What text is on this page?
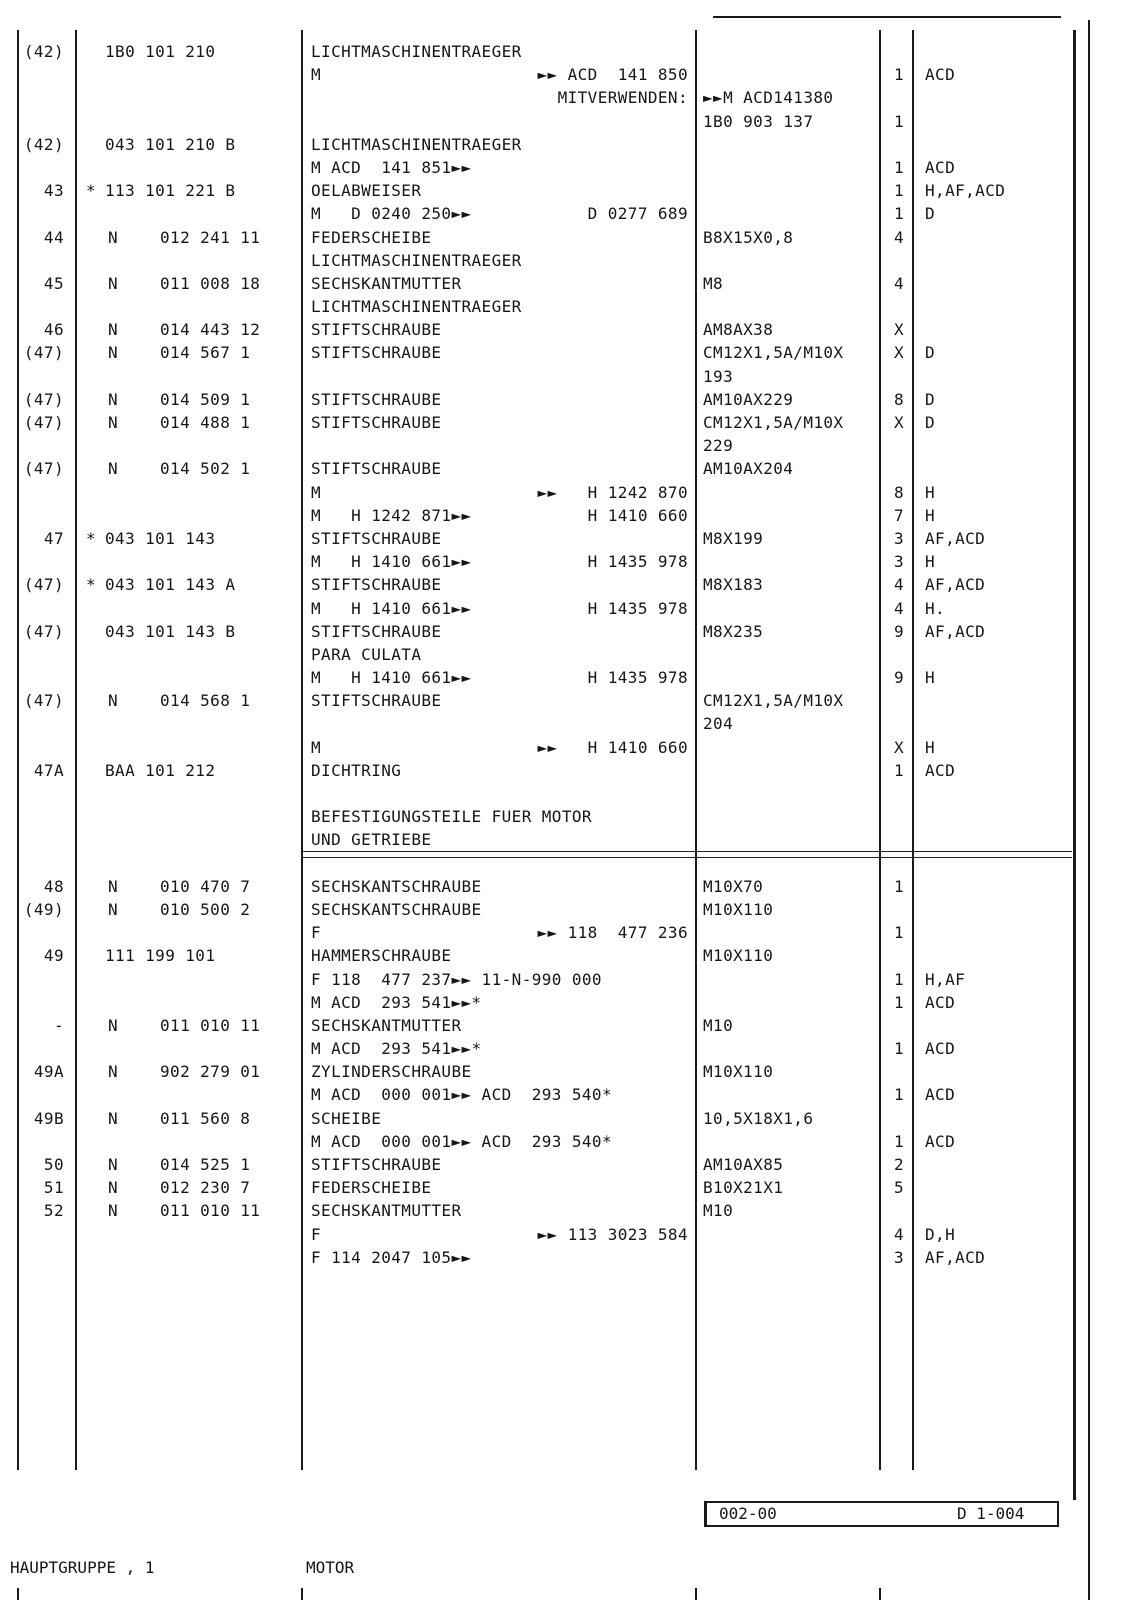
(42)	1B0 101 210	LICHTMASCHINENTRAEGER
M	►► ACD  141 850	1 ACD
MITVERWENDEN: ►►M ACD141380
1B0 903 137	1
(42)	043 101 210 B	LICHTMASCHINENTRAEGER
M ACD  141 851►►	1 ACD
43 * 113 101 221 B	OELABWEISER	1 H,AF,ACD
M   D 0240 250►►	D 0277 689	1 D
44	N	012 241 11	FEDERSCHEIBE	B8X15X0,8	4
LICHTMASCHINENTRAEGER
45	N	011 008 18	SECHSKANTMUTTER	M8	4
LICHTMASCHINENTRAEGER
46	N	014 443 12	STIFTSCHRAUBE	AM8AX38	X
(47)	N	014 567 1	STIFTSCHRAUBE	CM12X1,5A/M10X	X D
193
(47)	N	014 509 1	STIFTSCHRAUBE	AM10AX229	8 D
(47)	N	014 488 1	STIFTSCHRAUBE	CM12X1,5A/M10X	X D
229
(47)	N	014 502 1	STIFTSCHRAUBE	AM10AX204
M	►►   H 1242 870	8 H
M   H 1242 871►►	H 1410 660	7 H
47 * 043 101 143	STIFTSCHRAUBE	M8X199	3 AF,ACD
M   H 1410 661►►	H 1435 978	3 H
(47) * 043 101 143 A	STIFTSCHRAUBE	M8X183	4 AF,ACD
M   H 1410 661►►	H 1435 978	4 H.
(47)	043 101 143 B	STIFTSCHRAUBE	M8X235	9 AF,ACD
PARA CULATA
M   H 1410 661►►	H 1435 978	9 H
(47)	N	014 568 1	STIFTSCHRAUBE	CM12X1,5A/M10X
204
M	►►   H 1410 660	X H
47A	BAA 101 212	DICHTRING	1 ACD
BEFESTIGUNGSTEILE FUER MOTOR
UND GETRIEBE
48	N	010 470 7	SECHSKANTSCHRAUBE	M10X70	1
(49)	N	010 500 2	SECHSKANTSCHRAUBE	M10X110
F	►► 118  477 236	1
49	111 199 101	HAMMERSCHRAUBE	M10X110
F 118  477 237►► 11-N-990 000	1 H,AF
M ACD  293 541►►*	1 ACD
-	N	011 010 11	SECHSKANTMUTTER	M10
M ACD  293 541►►*	1 ACD
49A	N	902 279 01	ZYLINDERSCHRAUBE	M10X110
M ACD  000 001►► ACD  293 540*	1 ACD
49B	N	011 560 8	SCHEIBE	10,5X18X1,6
M ACD  000 001►► ACD  293 540*	1 ACD
50	N	014 525 1	STIFTSCHRAUBE	AM10AX85	2
51	N	012 230 7	FEDERSCHEIBE	B10X21X1	5
52	N	011 010 11	SECHSKANTMUTTER	M10
F	►► 113 3023 584	4 D,H
F 114 2047 105►►	3 AF,ACD
002-00	D 1-004
HAUPTGRUPPE , 1	MOTOR
